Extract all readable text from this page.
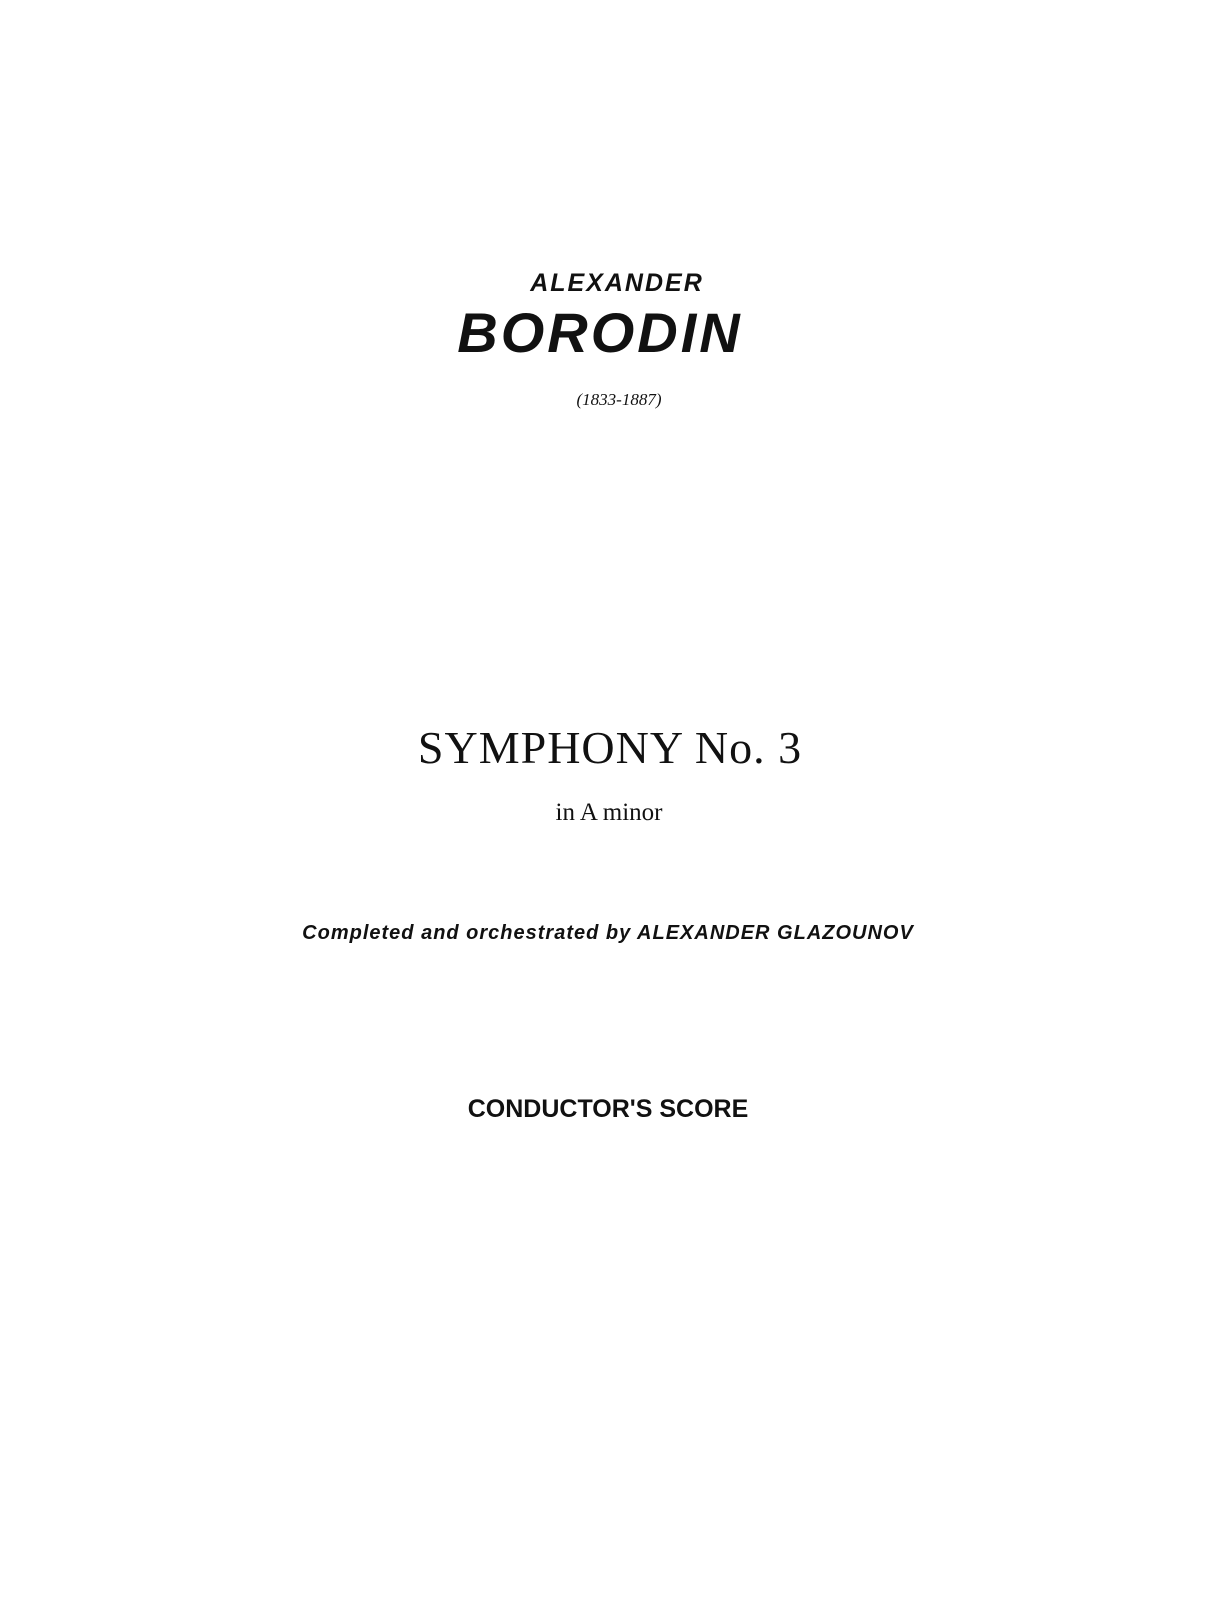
ALEXANDER
BORODIN
(1833-1887)
SYMPHONY No. 3
in A minor
Completed and orchestrated by ALEXANDER GLAZOUNOV
CONDUCTOR'S SCORE
